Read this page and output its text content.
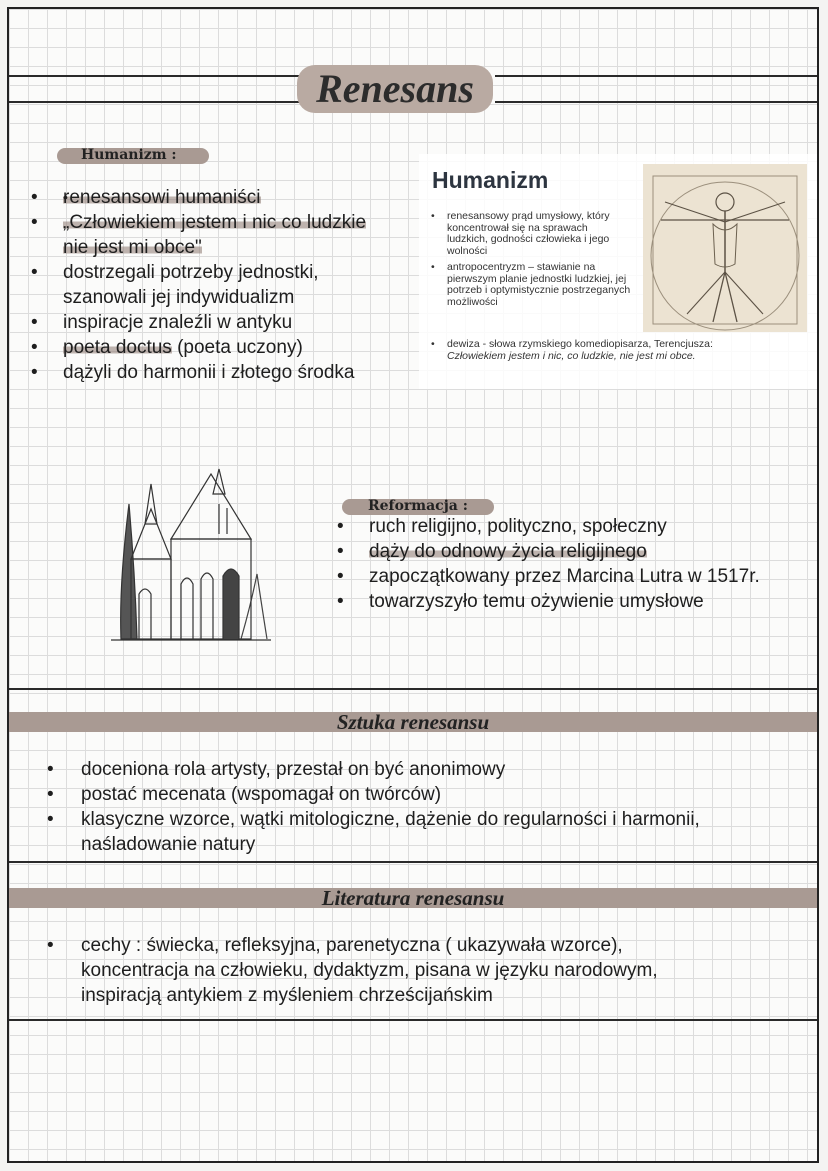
Renesans
Humanizm :
• • renesansowi humaniści
• „Człowiekiem jestem i nic co ludzkie
nie jest mi obce"
• dostrzegali potrzeby jednostki,
szanowali jej indywidualizm
• inspiracje znaleźli w antyku
• poeta doctus (poeta uczony)
• dążyli do harmonii i złotego środka
Humanizm
• renesansowy prąd umysłowy, który koncentrował się na sprawach ludzkich, godności człowieka i jego wolności
• antropocentryzm – stawianie na pierwszym planie jednostki ludzkiej, jej potrzeb i optymistycznie postrzeganych możliwości
• dewiza - słowa rzymskiego komediopisarza, Terencjusza: Człowiekiem jestem i nic, co ludzkie, nie jest mi obce.
Reformacja :
• ruch religijno, polityczno, społeczny
• dąży do odnowy życia religijnego
• zapoczątkowany przez Marcina Lutra w 1517r.
• towarzyszyło temu ożywienie umysłowe
Sztuka renesansu
• doceniona rola artysty, przestał on być anonimowy
• postać mecenata (wspomagał on twórców)
• klasyczne wzorce, wątki mitologiczne, dążenie do regularności i harmonii,
naśladowanie natury
Literatura renesansu
• cechy : świecka, refleksyjna, parenetyczna ( ukazywała wzorce),
koncentracja na człowieku, dydaktyzm, pisana w języku narodowym,
inspiracją antykiem z myśleniem chrześcijańskim
